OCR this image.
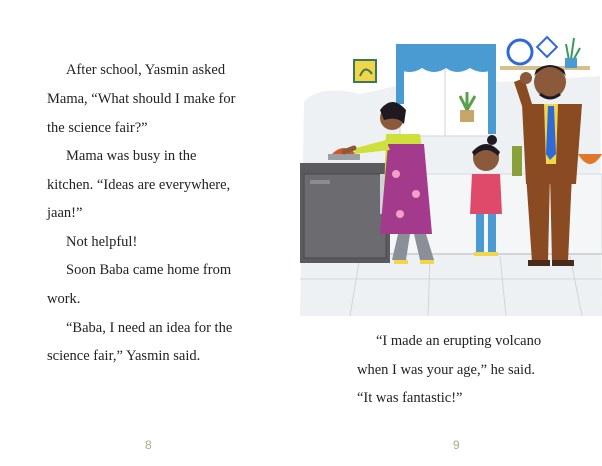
After school, Yasmin asked

Mama, “What should I make for

the science fair?”

Mama was busy in the

kitchen. “Ideas are everywhere,

jaan!”

Not helpful!

Soon Baba came home from

work.

“Baba, I need an idea for the

science fair,” Yasmin said.

8

“I made an erupting volcano

when I was your age,” he said.

“It was fantastic!”

9
